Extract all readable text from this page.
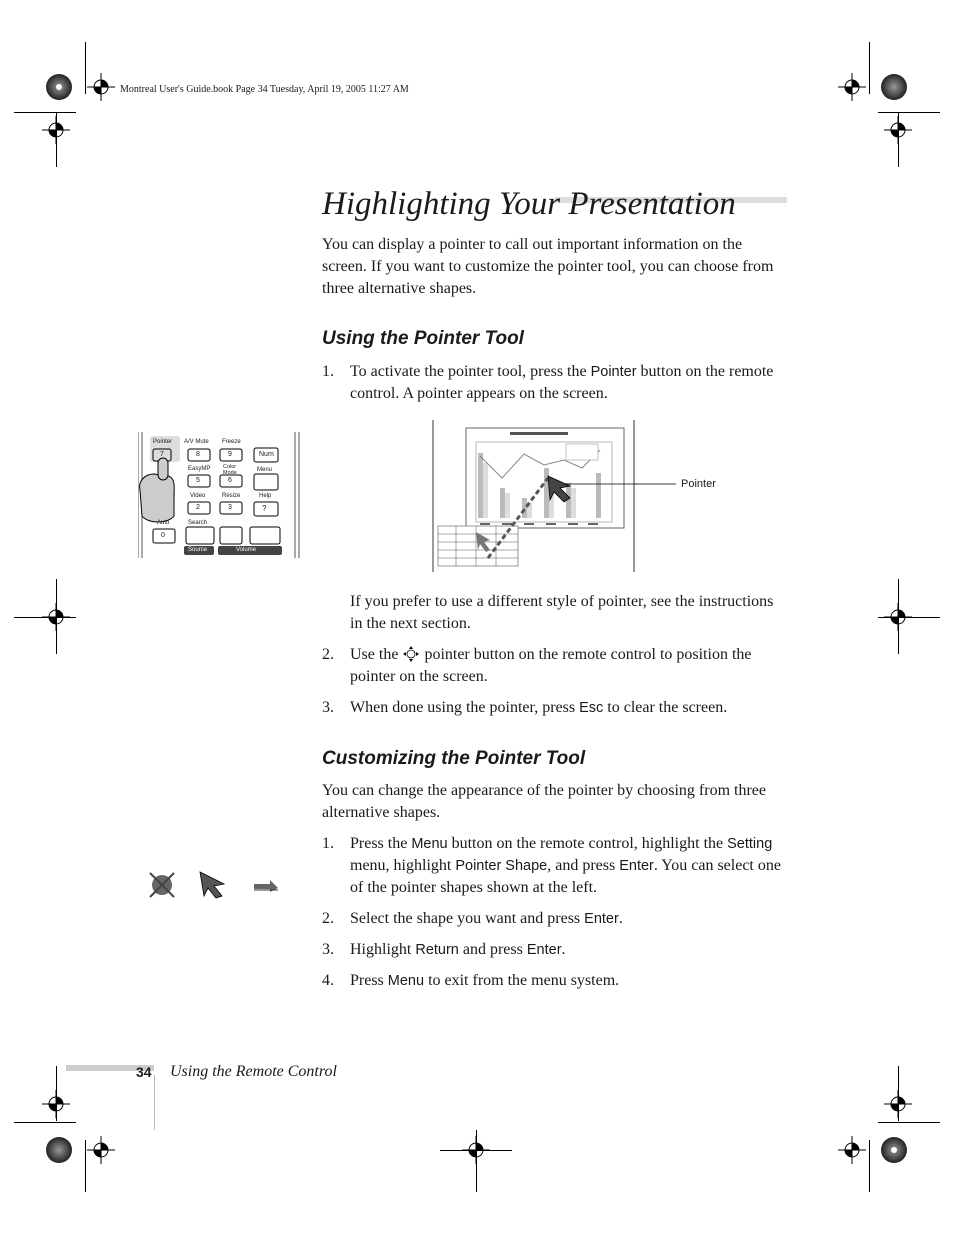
Montreal User's Guide.book Page 34 Tuesday, April 19, 2005 11:27 AM
Highlighting Your Presentation
You can display a pointer to call out important information on the screen. If you want to customize the pointer tool, you can choose from three alternative shapes.
Using the Pointer Tool
1. To activate the pointer tool, press the Pointer button on the remote control. A pointer appears on the screen.
Pointer A/V Mute Freeze
7	8	9	Num
EasyMP Color Mode	Menu
5	6
Video	Resize	Help
2	3	?
Auto	Search
0
Source	Volume
Pointer
If you prefer to use a different style of pointer, see the instructions in the next section.
2. Use the  pointer button on the remote control to position the pointer on the screen.
3. When done using the pointer, press Esc to clear the screen.
Customizing the Pointer Tool
You can change the appearance of the pointer by choosing from three alternative shapes.
1. Press the Menu button on the remote control, highlight the Setting menu, highlight Pointer Shape, and press Enter. You can select one of the pointer shapes shown at the left.
2. Select the shape you want and press Enter.
3. Highlight Return and press Enter.
4. Press Menu to exit from the menu system.
34 Using the Remote Control
